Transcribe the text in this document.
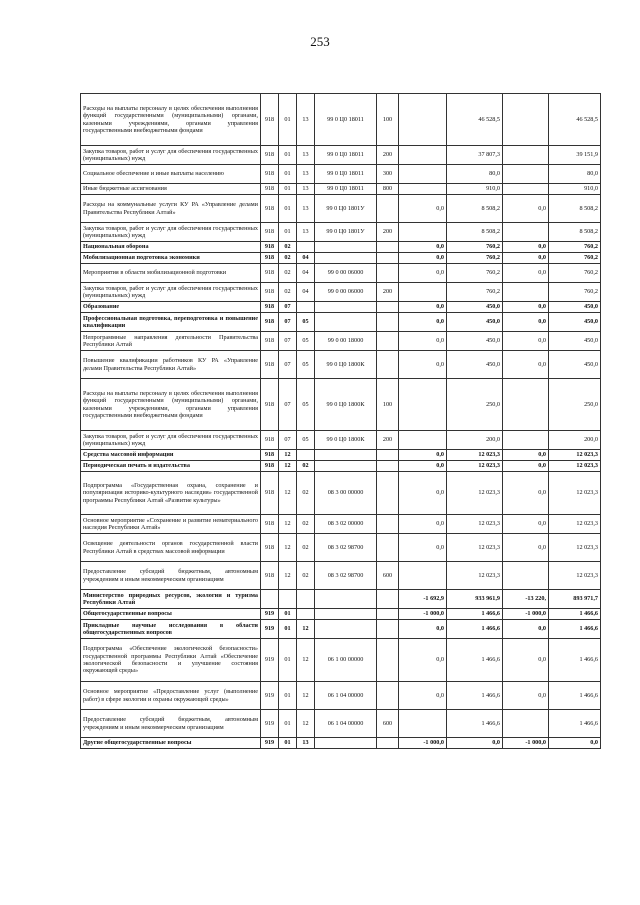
253
Расходы на выплаты персоналу в целях обеспечения выполнения функций государственными (муниципальными) органами, казенными учреждениями, органами управления государственными внебюджетными фондами	918	01	13	99 0 Ц0 18011	100		46 528,5		46 528,5
Закупка товаров, работ и услуг для обеспечения государственных (муниципальных) нужд	918	01	13	99 0 Ц0 18011	200		37 807,3		39 151,9
Социальное обеспечение и иные выплаты населению	918	01	13	99 0 Ц0 18011	300		80,0		80,0
Иные бюджетные ассигнования	918	01	13	99 0 Ц0 18011	800		910,0		910,0
Расходы на коммунальные услуги КУ РА «Управление делами Правительства Республики Алтай»	918	01	13	99 0 Ц0 1801У		0,0	8 508,2	0,0	8 508,2
Закупка товаров, работ и услуг для обеспечения государственных (муниципальных) нужд	918	01	13	99 0 Ц0 1801У	200		8 508,2		8 508,2
Национальная оборона	918	02				0,0	760,2	0,0	760,2
Мобилизационная подготовка экономики	918	02	04			0,0	760,2	0,0	760,2
Мероприятия в области мобилизационной подготовки	918	02	04	99 0 00 06000		0,0	760,2	0,0	760,2
Закупка товаров, работ и услуг для обеспечения государственных (муниципальных) нужд	918	02	04	99 0 00 06000	200		760,2		760,2
Образование	918	07				0,0	450,0	0,0	450,0
Профессиональная подготовка, переподготовка и повышение квалификации	918	07	05			0,0	450,0	0,0	450,0
Непрограммные направления деятельности Правительства Республики Алтай	918	07	05	99 0 00 18000		0,0	450,0	0,0	450,0
Повышение квалификации работников КУ РА «Управление делами Правительства Республики Алтай»	918	07	05	99 0 Ц0 1800К		0,0	450,0	0,0	450,0
Расходы на выплаты персоналу в целях обеспечения выполнения функций государственными (муниципальными) органами, казенными учреждениями, органами управления государственными внебюджетными фондами	918	07	05	99 0 Ц0 1800К	100		250,0		250,0
Закупка товаров, работ и услуг для обеспечения государственных (муниципальных) нужд	918	07	05	99 0 Ц0 1800К	200		200,0		200,0
Средства массовой информации	918	12				0,0	12 023,3	0,0	12 023,3
Периодическая печать и издательства	918	12	02			0,0	12 023,3	0,0	12 023,3
Подпрограмма «Государственная охрана, сохранение и популяризация историко-культурного наследия» государственной программы Республики Алтай «Развитие культуры»	918	12	02	08 3 00 00000		0,0	12 023,3	0,0	12 023,3
Основное мероприятие «Сохранение и развитие нематериального наследия Республики Алтай»	918	12	02	08 3 02 00000		0,0	12 023,3	0,0	12 023,3
Освещение деятельности органов государственной власти Республики Алтай в средствах массовой информации	918	12	02	08 3 02 98700		0,0	12 023,3	0,0	12 023,3
Предоставление субсидий бюджетным, автономным учреждениям и иным некоммерческим организациям	918	12	02	08 3 02 98700	600		12 023,3		12 023,3
Министерство природных ресурсов, экологии и туризма Республики Алтай						-1 692,9	933 961,9	-13 220,	893 971,7
Общегосударственные вопросы	919	01				-1 000,0	1 466,6	-1 000,0	1 466,6
Прикладные научные исследования в области общегосударственных вопросов	919	01	12			0,0	1 466,6	0,0	1 466,6
Подпрограмма «Обеспечение экологической безопасности» государственной программы Республики Алтай «Обеспечение экологической безопасности и улучшение состояния окружающей среды»	919	01	12	06 1 00 00000		0,0	1 466,6	0,0	1 466,6
Основное мероприятие «Предоставление услуг (выполнение работ) в сфере экологии и охраны окружающей среды»	919	01	12	06 1 04 00000		0,0	1 466,6	0,0	1 466,6
Предоставление субсидий бюджетным, автономным учреждениям и иным некоммерческим организациям	919	01	12	06 1 04 00000	600		1 466,6		1 466,6
Другие общегосударственные вопросы	919	01	13			-1 000,0	0,0	-1 000,0	0,0
